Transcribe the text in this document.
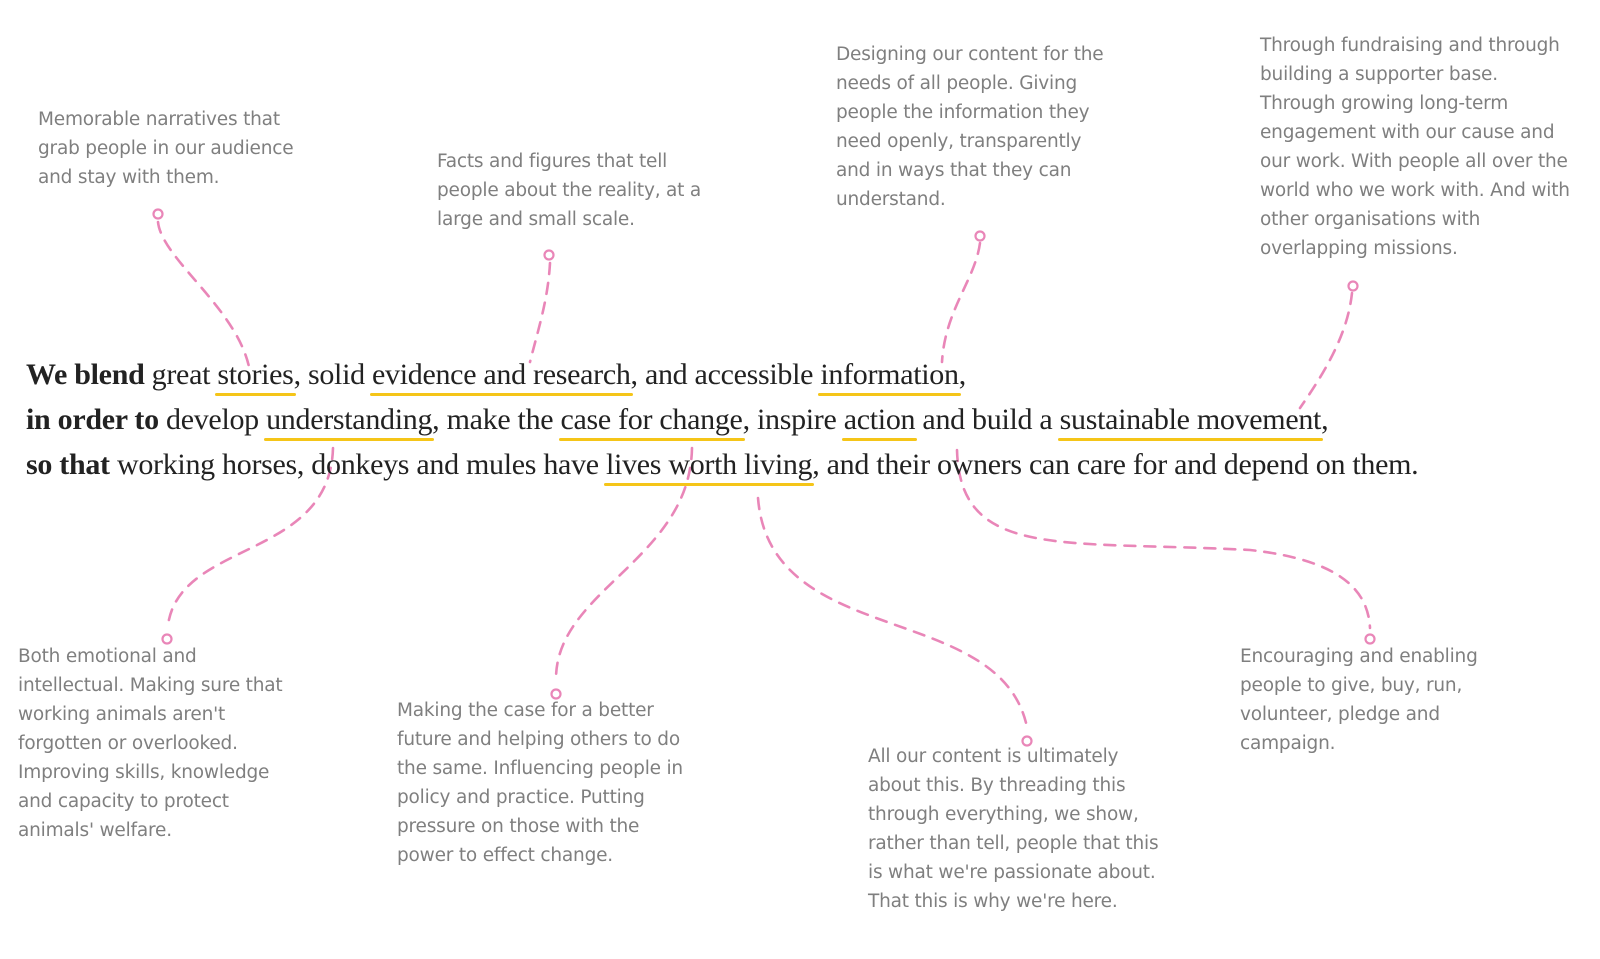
Memorable narratives that
grab people in our audience
and stay with them.
Facts and figures that tell
people about the reality, at a
large and small scale.
Designing our content for the
needs of all people. Giving
people the information they
need openly, transparently
and in ways that they can
understand.
Through fundraising and through
building a supporter base.
Through growing long-term
engagement with our cause and
our work. With people all over the
world who we work with. And with
other organisations with
overlapping missions.
We blend great stories, solid evidence and research, and accessible information,
in order to develop understanding, make the case for change, inspire action and build a sustainable movement,
so that working horses, donkeys and mules have lives worth living, and their owners can care for and depend on them.
Both emotional and
intellectual. Making sure that
working animals aren't
forgotten or overlooked.
Improving skills, knowledge
and capacity to protect
animals' welfare.
Making the case for a better
future and helping others to do
the same. Influencing people in
policy and practice. Putting
pressure on those with the
power to effect change.
All our content is ultimately
about this. By threading this
through everything, we show,
rather than tell, people that this
is what we're passionate about.
That this is why we're here.
Encouraging and enabling
people to give, buy, run,
volunteer, pledge and
campaign.
